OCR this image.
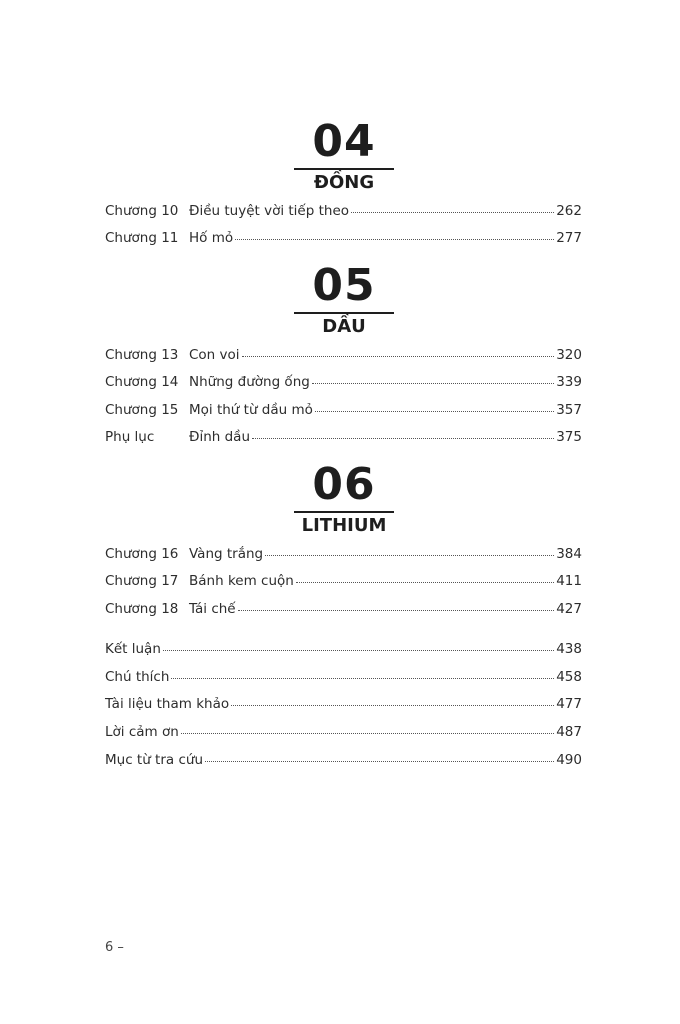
04
ĐỒNG
Chương 10 Điều tuyệt vời tiếp theo	262
Chương 11 Hố mỏ	277
05
DẦU
Chương 13 Con voi	320
Chương 14 Những đường ống	339
Chương 15 Mọi thứ từ dầu mỏ	357
Phụ lục	Đỉnh dầu	375
06
LITHIUM
Chương 16 Vàng trắng	384
Chương 17 Bánh kem cuộn	411
Chương 18 Tái chế	427
Kết luận	438
Chú thích	458
Tài liệu tham khảo	477
Lời cảm ơn	487
Mục từ tra cứu	490
6 –
